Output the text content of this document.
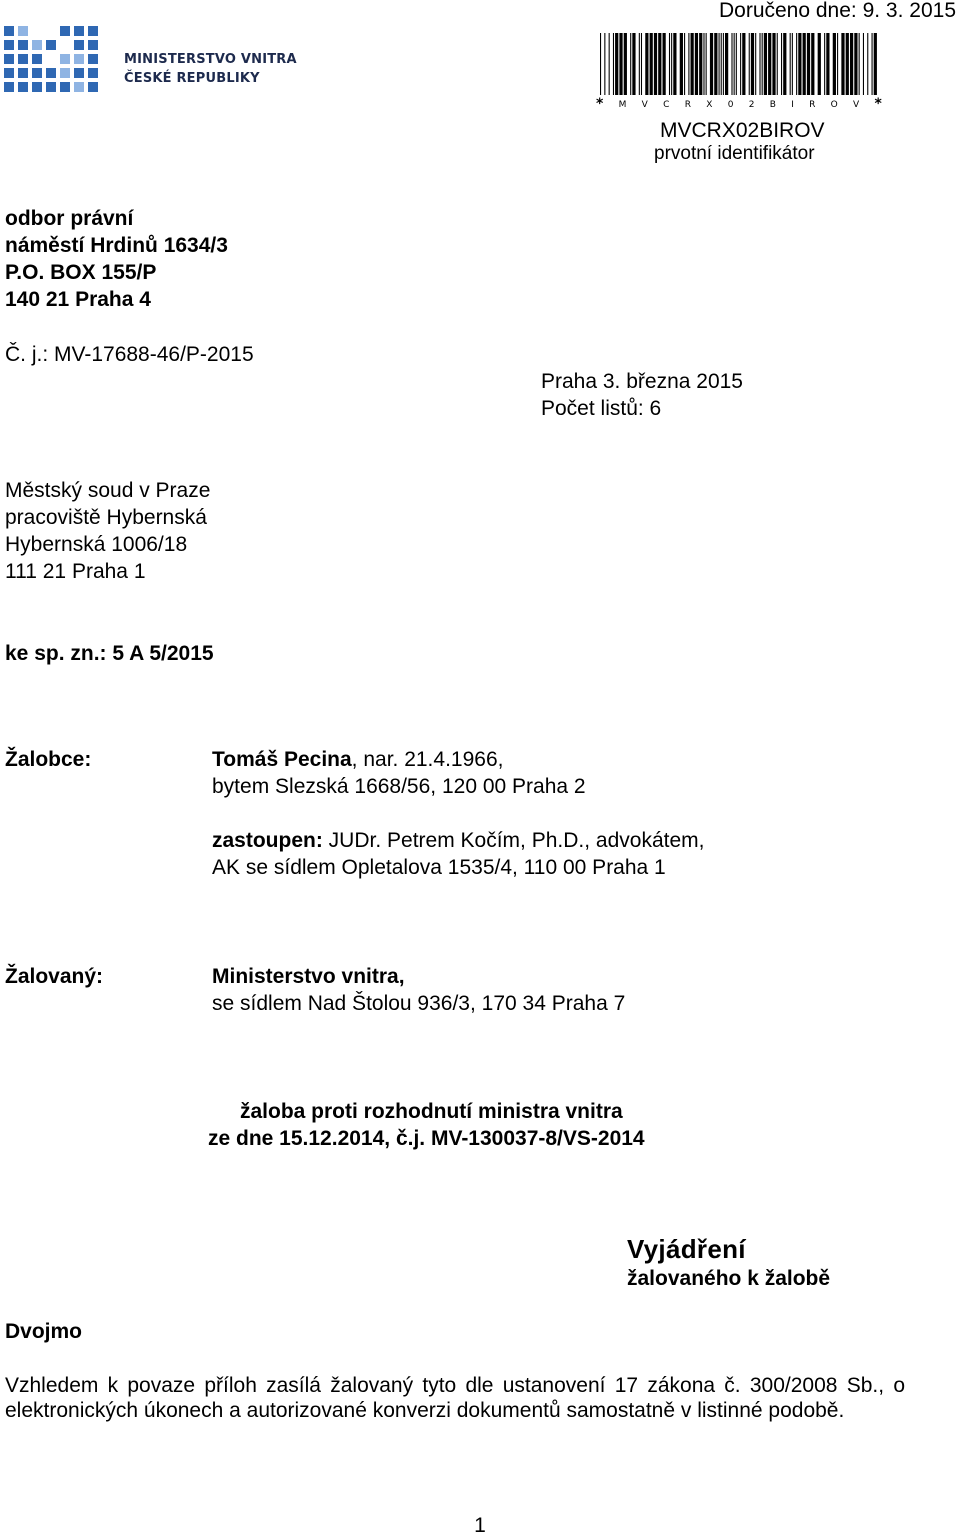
Doručeno dne: 9. 3. 2015
MINISTERSTVO VNITRA
ČESKÉ REPUBLIKY
* M V C R X 0 2 B I R O V *
MVCRX02BIROV
prvotní identifikátor
odbor právní
náměstí Hrdinů 1634/3
P.O. BOX 155/P
140 21 Praha 4
Č. j.: MV-17688-46/P-2015
Praha 3. března 2015
Počet listů: 6
Městský soud v Praze
pracoviště Hybernská
Hybernská 1006/18
111 21 Praha 1
ke sp. zn.: 5 A 5/2015
Žalobce:	Tomáš Pecina, nar. 21.4.1966,
bytem Slezská 1668/56, 120 00 Praha 2
zastoupen: JUDr. Petrem Kočím, Ph.D., advokátem,
AK se sídlem Opletalova 1535/4, 110 00 Praha 1
Žalovaný:	Ministerstvo vnitra,
se sídlem Nad Štolou 936/3, 170 34 Praha 7
žaloba proti rozhodnutí ministra vnitra
ze dne 15.12.2014, č.j. MV-130037-8/VS-2014
Vyjádření
žalovaného k žalobě
Dvojmo

Vzhledem k povaze příloh zasílá žalovaný tyto dle ustanovení 17 zákona č. 300/2008 Sb., o elektronických úkonech a autorizované konverzi dokumentů samostatně v listinné podobě.

1
